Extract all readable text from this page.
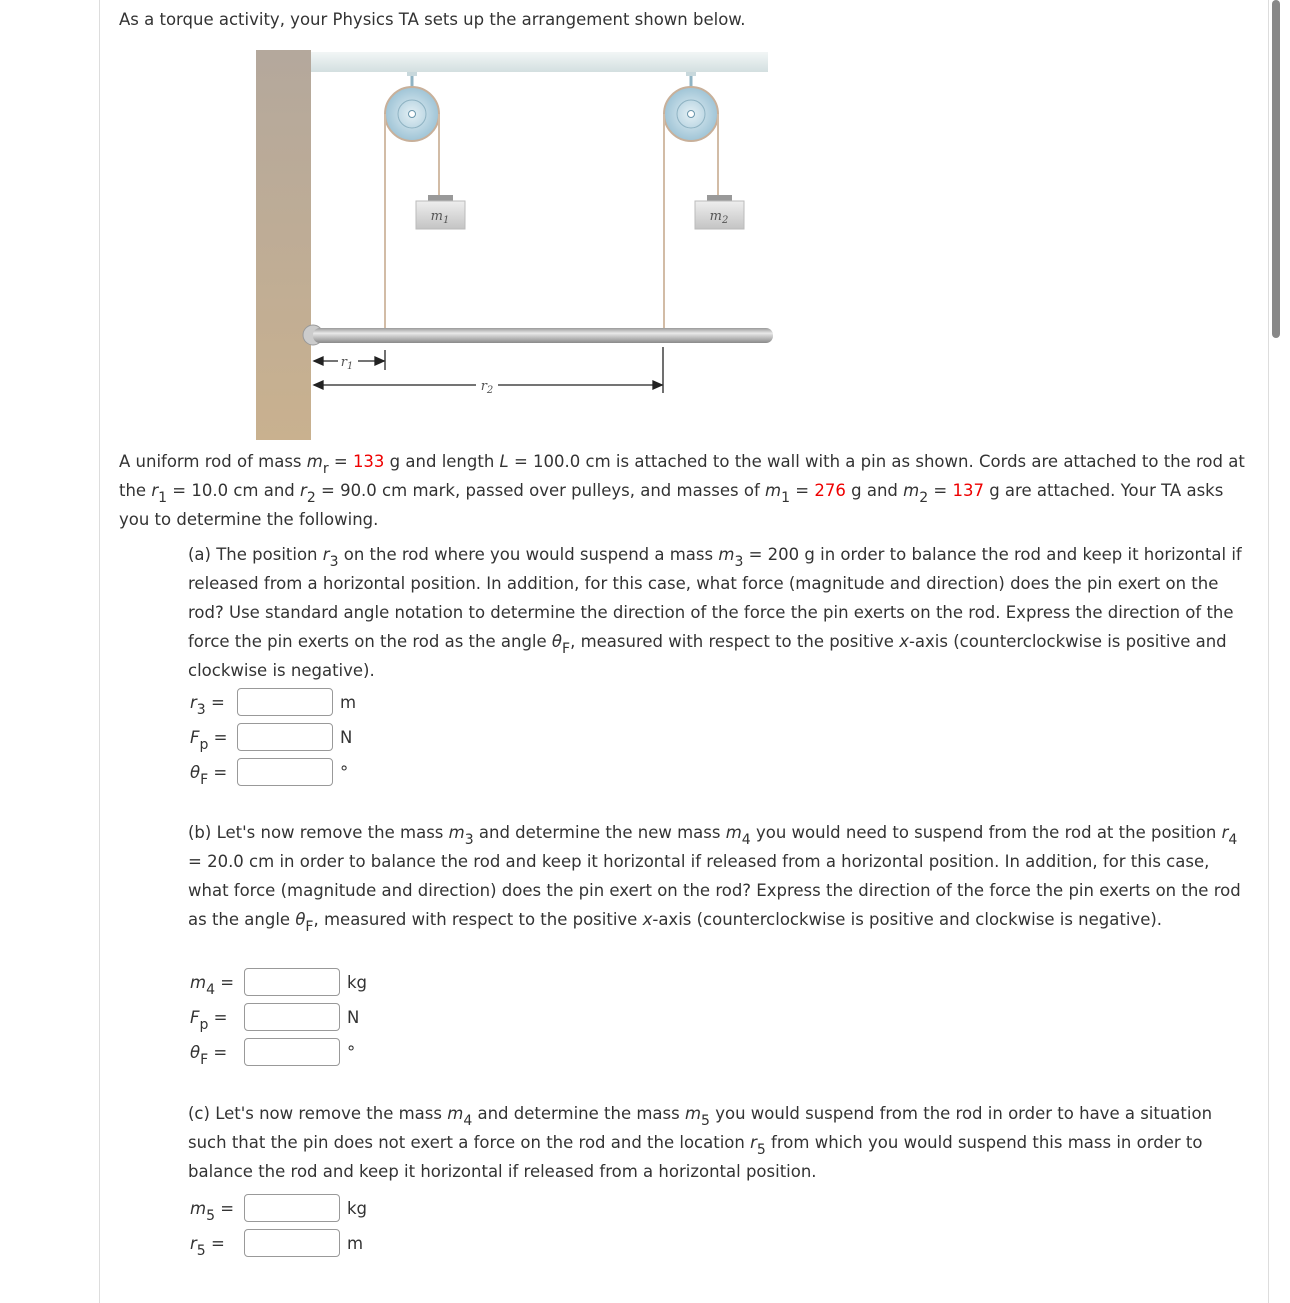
As a torque activity, your Physics TA sets up the arrangement shown below.
$m_1$	$m_2$
$r_1$
$r_2$
A uniform rod of mass $m_r = 133$ g and length L = 100.0 cm is attached to the wall with a pin as shown. Cords are attached to the rod at the $r_1 = 10.0$ cm and $r_2 = 90.0$ cm mark, passed over pulleys, and masses of $m_1 = 276$ g and $m_2 = 137$ g are attached. Your TA asks you to determine the following.
(a) The position $r_3$ on the rod where you would suspend a mass $m_3 = 200$ g in order to balance the rod and keep it horizontal if released from a horizontal position. In addition, for this case, what force (magnitude and direction) does the pin exert on the rod? Use standard angle notation to determine the direction of the force the pin exerts on the rod. Express the direction of the force the pin exerts on the rod as the angle $\theta_F$, measured with respect to the positive x-axis (counterclockwise is positive and clockwise is negative).
(b) Let's now remove the mass $m_3$ and determine the new mass $m_4$ you would need to suspend from the rod at the position $r_4 = 20.0$ cm in order to balance the rod and keep it horizontal if released from a horizontal position. In addition, for this case, what force (magnitude and direction) does the pin exert on the rod? Express the direction of the force the pin exerts on the rod as the angle $\theta_F$, measured with respect to the positive x-axis (counterclockwise is positive and clockwise is negative).
(c) Let's now remove the mass $m_4$ and determine the mass $m_5$ you would suspend from the rod in order to have a situation such that the pin does not exert a force on the rod and the location $r_5$ from which you would suspend this mass in order to balance the rod and keep it horizontal if released from a horizontal position.
$r_3$ =	m
$F_p$ =	N
$\theta_F$ =	°
$m_4$ =	kg
$F_p$ =	N
$\theta_F$ =	°
$m_5$ =	kg
$r_5$ =	m
